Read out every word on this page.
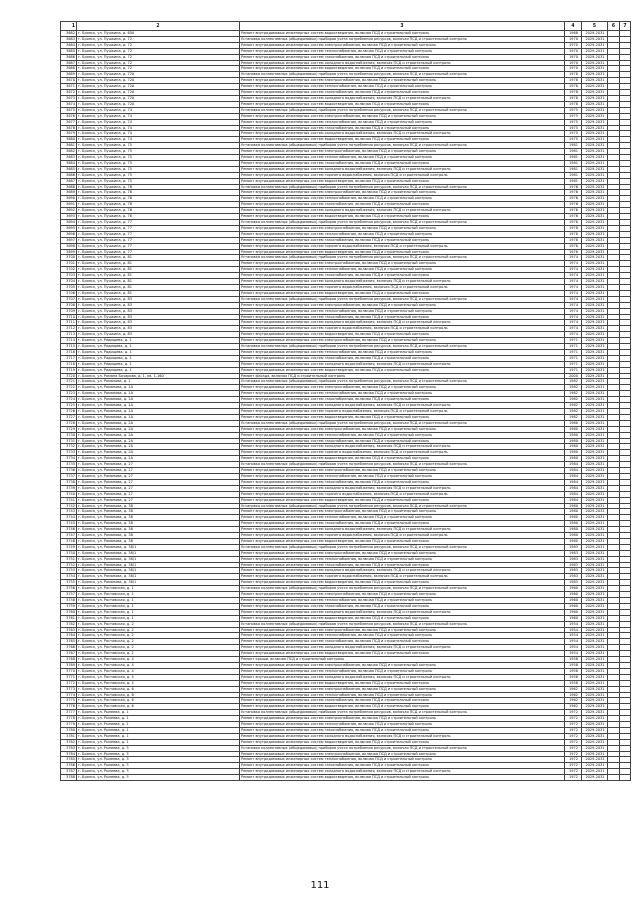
1	2	3	4	5	6	7
3682	г. Брянск, ул. Пушкина, д. 65А	Ремонт внутридомовых инженерных систем водоотведения, включая ПСД и строительный контроль	1968	2029-2031		
3683	г. Брянск, ул. Пушкина, д. 72	Установка коллективных (общедомовых) приборов учета потребления ресурсов, включая ПСД и строительный контроль	1970	2029-2031		
3684	г. Брянск, ул. Пушкина, д. 72	Ремонт внутридомовых инженерных систем электроснабжения, включая ПСД и строительный контроль	1970	2029-2031		
3685	г. Брянск, ул. Пушкина, д. 72	Ремонт внутридомовых инженерных систем теплоснабжения, включая ПСД и строительный контроль	1970	2029-2031		
3686	г. Брянск, ул. Пушкина, д. 72	Ремонт внутридомовых инженерных систем газоснабжения, включая ПСД и строительный контроль	1970	2029-2031		
3687	г. Брянск, ул. Пушкина, д. 72	Ремонт внутридомовых инженерных систем холодного водоснабжения, включая ПСД и строительный контроль	1970	2029-2031		
3688	г. Брянск, ул. Пушкина, д. 72	Ремонт внутридомовых инженерных систем водоотведения, включая ПСД и строительный контроль	1970	2029-2031		
3689	г. Брянск, ул. Пушкина, д. 72А	Установка коллективных (общедомовых) приборов учета потребления ресурсов, включая ПСД и строительный контроль	1978	2029-2031		
3670	г. Брянск, ул. Пушкина, д. 72А	Ремонт внутридомовых инженерных систем электроснабжения, включая ПСД и строительный контроль	1978	2029-2031		
3671	г. Брянск, ул. Пушкина, д. 72А	Ремонт внутридомовых инженерных систем теплоснабжения, включая ПСД и строительный контроль	1978	2029-2031		
3672	г. Брянск, ул. Пушкина, д. 72А	Ремонт внутридомовых инженерных систем газоснабжения, включая ПСД и строительный контроль	1978	2029-2031		
3673	г. Брянск, ул. Пушкина, д. 72А	Ремонт внутридомовых инженерных систем холодного водоснабжения, включая ПСД и строительный контроль	1978	2029-2031		
3674	г. Брянск, ул. Пушкина, д. 72А	Ремонт внутридомовых инженерных систем водоотведения, включая ПСД и строительный контроль	1978	2029-2031		
3675	г. Брянск, ул. Пушкина, д. 74	Установка коллективных (общедомовых) приборов учета потребления ресурсов, включая ПСД и строительный контроль	1975	2029-2031		
3676	г. Брянск, ул. Пушкина, д. 74	Ремонт внутридомовых инженерных систем электроснабжения, включая ПСД и строительный контроль	1975	2029-2031		
3677	г. Брянск, ул. Пушкина, д. 74	Ремонт внутридомовых инженерных систем теплоснабжения, включая ПСД и строительный контроль	1975	2029-2031		
3678	г. Брянск, ул. Пушкина, д. 74	Ремонт внутридомовых инженерных систем газоснабжения, включая ПСД и строительный контроль	1975	2029-2031		
3679	г. Брянск, ул. Пушкина, д. 74	Ремонт внутридомовых инженерных систем холодного водоснабжения, включая ПСД и строительный контроль	1975	2029-2031		
3680	г. Брянск, ул. Пушкина, д. 74	Ремонт внутридомовых инженерных систем водоотведения, включая ПСД и строительный контроль	1975	2029-2031		
3681	г. Брянск, ул. Пушкина, д. 75	Установка коллективных (общедомовых) приборов учета потребления ресурсов, включая ПСД и строительный контроль	1981	2029-2031		
3682	г. Брянск, ул. Пушкина, д. 75	Ремонт внутридомовых инженерных систем электроснабжения, включая ПСД и строительный контроль	1981	2029-2031		
3683	г. Брянск, ул. Пушкина, д. 75	Ремонт внутридомовых инженерных систем теплоснабжения, включая ПСД и строительный контроль	1981	2029-2031		
3684	г. Брянск, ул. Пушкина, д. 75	Ремонт внутридомовых инженерных систем газоснабжения, включая ПСД и строительный контроль	1981	2029-2031		
3685	г. Брянск, ул. Пушкина, д. 75	Ремонт внутридомовых инженерных систем холодного водоснабжения, включая ПСД и строительный контроль	1981	2029-2031		
3686	г. Брянск, ул. Пушкина, д. 75	Ремонт внутридомовых инженерных систем горячего водоснабжения, включая ПСД и строительный контроль	1981	2029-2031		
3687	г. Брянск, ул. Пушкина, д. 75	Ремонт внутридомовых инженерных систем водоотведения, включая ПСД и строительный контроль	1981	2029-2031		
3688	г. Брянск, ул. Пушкина, д. 76	Установка коллективных (общедомовых) приборов учета потребления ресурсов, включая ПСД и строительный контроль	1976	2029-2031		
3689	г. Брянск, ул. Пушкина, д. 76	Ремонт внутридомовых инженерных систем электроснабжения, включая ПСД и строительный контроль	1976	2029-2031		
3690	г. Брянск, ул. Пушкина, д. 76	Ремонт внутридомовых инженерных систем теплоснабжения, включая ПСД и строительный контроль	1976	2029-2031		
3691	г. Брянск, ул. Пушкина, д. 76	Ремонт внутридомовых инженерных систем газоснабжения, включая ПСД и строительный контроль	1976	2029-2031		
3692	г. Брянск, ул. Пушкина, д. 76	Ремонт внутридомовых инженерных систем холодного водоснабжения, включая ПСД и строительный контроль	1976	2029-2031		
3693	г. Брянск, ул. Пушкина, д. 76	Ремонт внутридомовых инженерных систем водоотведения, включая ПСД и строительный контроль	1976	2029-2031		
3694	г. Брянск, ул. Пушкина, д. 77	Установка коллективных (общедомовых) приборов учета потребления ресурсов, включая ПСД и строительный контроль	1978	2029-2031		
3695	г. Брянск, ул. Пушкина, д. 77	Ремонт внутридомовых инженерных систем электроснабжения, включая ПСД и строительный контроль	1978	2029-2031		
3696	г. Брянск, ул. Пушкина, д. 77	Ремонт внутридомовых инженерных систем теплоснабжения, включая ПСД и строительный контроль	1978	2029-2031		
3697	г. Брянск, ул. Пушкина, д. 77	Ремонт внутридомовых инженерных систем газоснабжения, включая ПСД и строительный контроль	1978	2029-2031		
3698	г. Брянск, ул. Пушкина, д. 77	Ремонт внутридомовых инженерных систем горячего водоснабжения, включая ПСД и строительный контроль	1978	2029-2031		
3699	г. Брянск, ул. Пушкина, д. 77	Ремонт внутридомовых инженерных систем водоотведения, включая ПСД и строительный контроль	1978	2029-2031		
3700	г. Брянск, ул. Пушкина, д. 81	Установка коллективных (общедомовых) приборов учета потребления ресурсов, включая ПСД и строительный контроль	1974	2029-2031		
3701	г. Брянск, ул. Пушкина, д. 81	Ремонт внутридомовых инженерных систем электроснабжения, включая ПСД и строительный контроль	1974	2029-2031		
3702	г. Брянск, ул. Пушкина, д. 81	Ремонт внутридомовых инженерных систем теплоснабжения, включая ПСД и строительный контроль	1974	2029-2031		
3703	г. Брянск, ул. Пушкина, д. 81	Ремонт внутридомовых инженерных систем газоснабжения, включая ПСД и строительный контроль	1974	2029-2031		
3704	г. Брянск, ул. Пушкина, д. 81	Ремонт внутридомовых инженерных систем холодного водоснабжения, включая ПСД и строительный контроль	1974	2029-2031		
3705	г. Брянск, ул. Пушкина, д. 81	Ремонт внутридомовых инженерных систем горячего водоснабжения, включая ПСД и строительный контроль	1974	2029-2031		
3706	г. Брянск, ул. Пушкина, д. 81	Ремонт внутридомовых инженерных систем водоотведения, включая ПСД и строительный контроль	1974	2029-2031		
3707	г. Брянск, ул. Пушкина, д. 83	Установка коллективных (общедомовых) приборов учета потребления ресурсов, включая ПСД и строительный контроль	1974	2029-2031		
3708	г. Брянск, ул. Пушкина, д. 83	Ремонт внутридомовых инженерных систем электроснабжения, включая ПСД и строительный контроль	1974	2029-2031		
3709	г. Брянск, ул. Пушкина, д. 83	Ремонт внутридомовых инженерных систем теплоснабжения, включая ПСД и строительный контроль	1974	2029-2031		
3710	г. Брянск, ул. Пушкина, д. 83	Ремонт внутридомовых инженерных систем газоснабжения, включая ПСД и строительный контроль	1974	2029-2031		
3711	г. Брянск, ул. Пушкина, д. 83	Ремонт внутридомовых инженерных систем холодного водоснабжения, включая ПСД и строительный контроль	1974	2029-2031		
3712	г. Брянск, ул. Пушкина, д. 83	Ремонт внутридомовых инженерных систем горячего водоснабжения, включая ПСД и строительный контроль	1974	2029-2031		
3713	г. Брянск, ул. Пушкина, д. 83	Ремонт внутридомовых инженерных систем водоотведения, включая ПСД и строительный контроль	1974	2029-2031		
3714	г. Брянск, ул. Радищева, д. 1	Ремонт внутридомовых инженерных систем электроснабжения, включая ПСД и строительный контроль	1971	2029-2031		
3715	г. Брянск, ул. Радищева, д. 1	Установка коллективных (общедомовых) приборов учета потребления ресурсов, включая ПСД и строительный контроль	1971	2029-2031		
3716	г. Брянск, ул. Радищева, д. 1	Ремонт внутридомовых инженерных систем теплоснабжения, включая ПСД и строительный контроль	1971	2029-2031		
3717	г. Брянск, ул. Радищева, д. 1	Ремонт внутридомовых инженерных систем газоснабжения, включая ПСД и строительный контроль	1971	2029-2031		
3718	г. Брянск, ул. Радищева, д. 1	Ремонт внутридомовых инженерных систем холодного водоснабжения, включая ПСД и строительный контроль	1971	2029-2031		
3719	г. Брянск, ул. Радищева, д. 1	Ремонт внутридомовых инженерных систем водоотведения, включая ПСД и строительный контроль	1971	2029-2031		
3720	г. Брянск, ул. Романа Бочарова, д. 1, кв. 1-160	Ремонт фасада, включая ПСД и строительный контроль	2000	2029-2031		
3721	г. Брянск, ул. Романова, д. 1	Установка коллективных (общедомовых) приборов учета потребления ресурсов, включая ПСД и строительный контроль	1982	2029-2031		
3722	г. Брянск, ул. Романова, д. 1А	Ремонт внутридомовых инженерных систем электроснабжения, включая ПСД и строительный контроль	1982	2029-2031		
3723	г. Брянск, ул. Романова, д. 1А	Ремонт внутридомовых инженерных систем теплоснабжения, включая ПСД и строительный контроль	1982	2029-2031		
3724	г. Брянск, ул. Романова, д. 1А	Ремонт внутридомовых инженерных систем газоснабжения, включая ПСД и строительный контроль	1982	2029-2031		
3725	г. Брянск, ул. Романова, д. 1А	Ремонт внутридомовых инженерных систем холодного водоснабжения, включая ПСД и строительный контроль	1982	2029-2031		
3726	г. Брянск, ул. Романова, д. 1А	Ремонт внутридомовых инженерных систем горячего водоснабжения, включая ПСД и строительный контроль	1982	2029-2031		
3727	г. Брянск, ул. Романова, д. 1А	Ремонт внутридомовых инженерных систем водоотведения, включая ПСД и строительный контроль	1982	2029-2031		
3728	г. Брянск, ул. Романова, д. 2А	Установка коллективных (общедомовых) приборов учета потребления ресурсов, включая ПСД и строительный контроль	1980	2029-2031		
3729	г. Брянск, ул. Романова, д. 2А	Ремонт внутридомовых инженерных систем электроснабжения, включая ПСД и строительный контроль	1980	2029-2031		
3730	г. Брянск, ул. Романова, д. 2А	Ремонт внутридомовых инженерных систем теплоснабжения, включая ПСД и строительный контроль	1980	2029-2031		
3731	г. Брянск, ул. Романова, д. 2А	Ремонт внутридомовых инженерных систем газоснабжения, включая ПСД и строительный контроль	1980	2029-2031		
3732	г. Брянск, ул. Романова, д. 2А	Ремонт внутридомовых инженерных систем холодного водоснабжения, включая ПСД и строительный контроль	1980	2029-2031		
3733	г. Брянск, ул. Романова, д. 2А	Ремонт внутридомовых инженерных систем горячего водоснабжения, включая ПСД и строительный контроль	1980	2029-2031		
3734	г. Брянск, ул. Романова, д. 2А	Ремонт внутридомовых инженерных систем водоотведения, включая ПСД и строительный контроль	1980	2029-2031		
3735	г. Брянск, ул. Романова, д. 27	Установка коллективных (общедомовых) приборов учета потребления ресурсов, включая ПСД и строительный контроль	1984	2029-2031		
3736	г. Брянск, ул. Романова, д. 27	Ремонт внутридомовых инженерных систем электроснабжения, включая ПСД и строительный контроль	1984	2029-2031		
3737	г. Брянск, ул. Романова, д. 27	Ремонт внутридомовых инженерных систем теплоснабжения, включая ПСД и строительный контроль	1984	2029-2031		
3738	г. Брянск, ул. Романова, д. 27	Ремонт внутридомовых инженерных систем газоснабжения, включая ПСД и строительный контроль	1984	2029-2031		
3739	г. Брянск, ул. Романова, д. 27	Ремонт внутридомовых инженерных систем холодного водоснабжения, включая ПСД и строительный контроль	1984	2029-2031		
3740	г. Брянск, ул. Романова, д. 27	Ремонт внутридомовых инженерных систем горячего водоснабжения, включая ПСД и строительный контроль	1984	2029-2031		
3741	г. Брянск, ул. Романова, д. 27	Ремонт внутридомовых инженерных систем водоотведения, включая ПСД и строительный контроль	1984	2029-2031		
3742	г. Брянск, ул. Романова, д. 38	Установка коллективных (общедомовых) приборов учета потребления ресурсов, включая ПСД и строительный контроль	1980	2029-2031		
3743	г. Брянск, ул. Романова, д. 38	Ремонт внутридомовых инженерных систем электроснабжения, включая ПСД и строительный контроль	1980	2029-2031		
3744	г. Брянск, ул. Романова, д. 38	Ремонт внутридомовых инженерных систем теплоснабжения, включая ПСД и строительный контроль	1980	2029-2031		
3745	г. Брянск, ул. Романова, д. 38	Ремонт внутридомовых инженерных систем газоснабжения, включая ПСД и строительный контроль	1980	2029-2031		
3746	г. Брянск, ул. Романова, д. 38	Ремонт внутридомовых инженерных систем холодного водоснабжения, включая ПСД и строительный контроль	1980	2029-2031		
3747	г. Брянск, ул. Романова, д. 38	Ремонт внутридомовых инженерных систем горячего водоснабжения, включая ПСД и строительный контроль	1980	2029-2031		
3748	г. Брянск, ул. Романова, д. 38	Ремонт внутридомовых инженерных систем водоотведения, включая ПСД и строительный контроль	1980	2029-2031		
3749	г. Брянск, ул. Романова, д. 38/1	Установка коллективных (общедомовых) приборов учета потребления ресурсов, включая ПСД и строительный контроль	1983	2029-2031		
3750	г. Брянск, ул. Романова, д. 38/1	Ремонт внутридомовых инженерных систем электроснабжения, включая ПСД и строительный контроль	1983	2029-2031		
3751	г. Брянск, ул. Романова, д. 38/1	Ремонт внутридомовых инженерных систем теплоснабжения, включая ПСД и строительный контроль	1983	2029-2031		
3752	г. Брянск, ул. Романова, д. 38/1	Ремонт внутридомовых инженерных систем газоснабжения, включая ПСД и строительный контроль	1983	2029-2031		
3753	г. Брянск, ул. Романова, д. 38/1	Ремонт внутридомовых инженерных систем холодного водоснабжения, включая ПСД и строительный контроль	1983	2029-2031		
3754	г. Брянск, ул. Романова, д. 38/1	Ремонт внутридомовых инженерных систем горячего водоснабжения, включая ПСД и строительный контроль	1983	2029-2031		
3755	г. Брянск, ул. Романова, д. 38/1	Ремонт внутридомовых инженерных систем водоотведения, включая ПСД и строительный контроль	1983	2029-2031		
3756	г. Брянск, ул. Ростовская, д. 1	Установка коллективных (общедомовых) приборов учета потребления ресурсов, включая ПСД и строительный контроль	1960	2029-2031		
3757	г. Брянск, ул. Ростовская, д. 1	Ремонт внутридомовых инженерных систем электроснабжения, включая ПСД и строительный контроль	1960	2029-2031		
3758	г. Брянск, ул. Ростовская, д. 1	Ремонт внутридомовых инженерных систем теплоснабжения, включая ПСД и строительный контроль	1960	2029-2031		
3759	г. Брянск, ул. Ростовская, д. 1	Ремонт внутридомовых инженерных систем газоснабжения, включая ПСД и строительный контроль	1960	2029-2031		
3760	г. Брянск, ул. Ростовская, д. 1	Ремонт внутридомовых инженерных систем холодного водоснабжения, включая ПСД и строительный контроль	1960	2029-2031		
3761	г. Брянск, ул. Ростовская, д. 1	Ремонт внутридомовых инженерных систем водоотведения, включая ПСД и строительный контроль	1960	2029-2031		
3762	г. Брянск, ул. Ростовская, д. 2	Установка коллективных (общедомовых) приборов учета потребления ресурсов, включая ПСД и строительный контроль	1954	2029-2031		
3763	г. Брянск, ул. Ростовская, д. 2	Ремонт внутридомовых инженерных систем электроснабжения, включая ПСД и строительный контроль	1954	2029-2031		
3764	г. Брянск, ул. Ростовская, д. 2	Ремонт внутридомовых инженерных систем теплоснабжения, включая ПСД и строительный контроль	1954	2029-2031		
3765	г. Брянск, ул. Ростовская, д. 2	Ремонт внутридомовых инженерных систем газоснабжения, включая ПСД и строительный контроль	1954	2029-2031		
3766	г. Брянск, ул. Ростовская, д. 2	Ремонт внутридомовых инженерных систем холодного водоснабжения, включая ПСД и строительный контроль	1954	2029-2031		
3767	г. Брянск, ул. Ростовская, д. 2	Ремонт внутридомовых инженерных систем водоотведения, включая ПСД и строительный контроль	1954	2029-2031		
3768	г. Брянск, ул. Ростовская, д. 4	Ремонт крыши, включая ПСД и строительный контроль	1958	2029-2031		
3769	г. Брянск, ул. Ростовская, д. 4	Ремонт внутридомовых инженерных систем электроснабжения, включая ПСД и строительный контроль	1958	2029-2031		
3770	г. Брянск, ул. Ростовская, д. 4	Ремонт внутридомовых инженерных систем теплоснабжения, включая ПСД и строительный контроль	1958	2029-2031		
3771	г. Брянск, ул. Ростовская, д. 4	Ремонт внутридомовых инженерных систем холодного водоснабжения, включая ПСД и строительный контроль	1958	2029-2031		
3772	г. Брянск, ул. Ростовская, д. 4	Ремонт внутридомовых инженерных систем водоотведения, включая ПСД и строительный контроль	1958	2029-2031		
3773	г. Брянск, ул. Ростовская, д. 6	Ремонт внутридомовых инженерных систем электроснабжения, включая ПСД и строительный контроль	1962	2029-2031		
3774	г. Брянск, ул. Ростовская, д. 6	Ремонт внутридомовых инженерных систем теплоснабжения, включая ПСД и строительный контроль	1962	2029-2031		
3775	г. Брянск, ул. Ростовская, д. 6	Ремонт внутридомовых инженерных систем газоснабжения, включая ПСД и строительный контроль	1962	2029-2031		
3776	г. Брянск, ул. Ростовская, д. 6	Ремонт внутридомовых инженерных систем водоотведения, включая ПСД и строительный контроль	1962	2029-2031		
3777	г. Брянск, ул. Рылеева, д. 1	Установка коллективных (общедомовых) приборов учета потребления ресурсов, включая ПСД и строительный контроль	1972	2029-2031		
3778	г. Брянск, ул. Рылеева, д. 1	Ремонт внутридомовых инженерных систем электроснабжения, включая ПСД и строительный контроль	1972	2029-2031		
3779	г. Брянск, ул. Рылеева, д. 1	Ремонт внутридомовых инженерных систем теплоснабжения, включая ПСД и строительный контроль	1972	2029-2031		
3780	г. Брянск, ул. Рылеева, д. 1	Ремонт внутридомовых инженерных систем газоснабжения, включая ПСД и строительный контроль	1972	2029-2031		
3781	г. Брянск, ул. Рылеева, д. 1	Ремонт внутридомовых инженерных систем холодного водоснабжения, включая ПСД и строительный контроль	1972	2029-2031		
3782	г. Брянск, ул. Рылеева, д. 1	Ремонт внутридомовых инженерных систем водоотведения, включая ПСД и строительный контроль	1972	2029-2031		
3783	г. Брянск, ул. Рылеева, д. 3	Установка коллективных (общедомовых) приборов учета потребления ресурсов, включая ПСД и строительный контроль	1972	2029-2031		
3784	г. Брянск, ул. Рылеева, д. 3	Ремонт внутридомовых инженерных систем электроснабжения, включая ПСД и строительный контроль	1972	2029-2031		
3785	г. Брянск, ул. Рылеева, д. 3	Ремонт внутридомовых инженерных систем теплоснабжения, включая ПСД и строительный контроль	1972	2029-2031		
3786	г. Брянск, ул. Рылеева, д. 3	Ремонт внутридомовых инженерных систем газоснабжения, включая ПСД и строительный контроль	1972	2029-2031		
3787	г. Брянск, ул. Рылеева, д. 3	Ремонт внутридомовых инженерных систем холодного водоснабжения, включая ПСД и строительный контроль	1972	2029-2031		
3788	г. Брянск, ул. Рылеева, д. 3	Ремонт внутридомовых инженерных систем водоотведения, включая ПСД и строительный контроль	1972	2029-2031		
111
